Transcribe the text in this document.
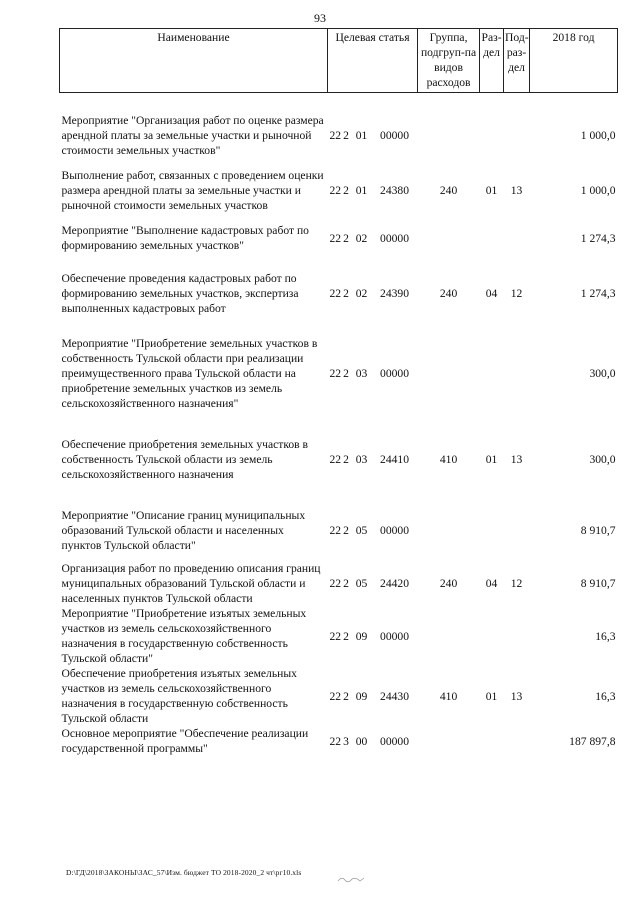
93
Наименование	Целевая статья				Группа, подгруп-па видов расходов	Раз-дел	Под-раз-дел	2018 год

Мероприятие "Организация работ по оценке размера арендной платы за земельные участки и рыночной стоимости земельных участков"	22	2	01	00000				1 000,0

Выполнение работ, связанных с проведением оценки размера арендной платы за земельные участки и рыночной стоимости земельных участков	22	2	01	24380	240	01	13	1 000,0

Мероприятие "Выполнение кадастровых работ по формированию земельных участков"	22	2	02	00000				1 274,3

Обеспечение проведения кадастровых работ по формированию земельных участков, экспертиза выполненных кадастровых работ	22	2	02	24390	240	04	12	1 274,3

Мероприятие "Приобретение земельных участков в собственность Тульской области при реализации преимущественного права Тульской области на приобретение земельных участков из земель сельскохозяйственного назначения"	22	2	03	00000				300,0

Обеспечение приобретения земельных участков в собственность Тульской области из земель сельскохозяйственного назначения	22	2	03	24410	410	01	13	300,0

Мероприятие "Описание границ муниципальных образований Тульской области и населенных пунктов Тульской области"	22	2	05	00000				8 910,7

Организация работ по проведению описания границ муниципальных образований Тульской области и населенных пунктов Тульской области	22	2	05	24420	240	04	12	8 910,7
Мероприятие "Приобретение изъятых земельных участков из земель сельскохозяйственного назначения в государственную собственность Тульской области"	22	2	09	00000				16,3
Обеспечение приобретения изъятых земельных участков из земель сельскохозяйственного назначения в государственную собственность Тульской области	22	2	09	24430	410	01	13	16,3
Основное мероприятие "Обеспечение реализации государственной программы"	22	3	00	00000				187 897,8
D:\ГД\2018\ЗАКОНЫ\ЗАС_57\Изм. бюджет ТО 2018-2020_2 чт\рг10.xls
